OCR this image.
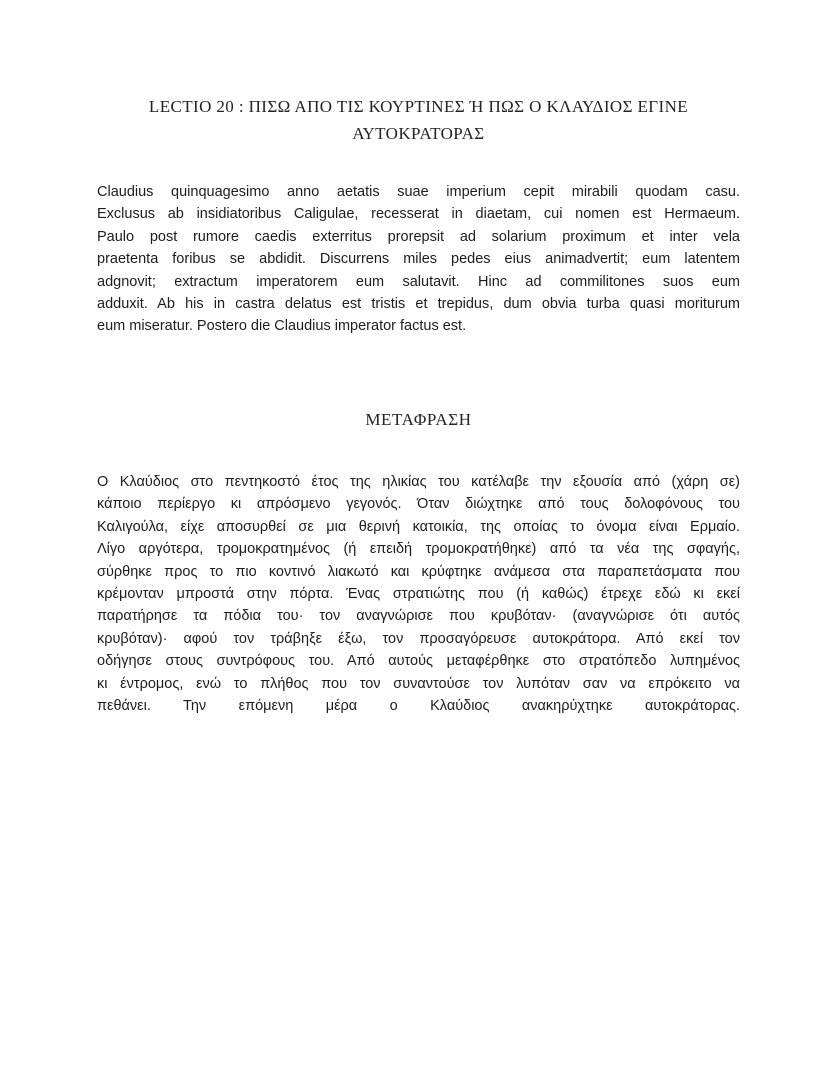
LECTIO 20 : ΠΙΣΩ ΑΠΟ ΤΙΣ ΚΟΥΡΤΙΝΕΣ Ή ΠΩΣ Ο ΚΛΑΥΔΙΟΣ ΕΓΙΝΕ
ΑΥΤΟΚΡΑΤΟΡΑΣ
Claudius quinquagesimo anno aetatis suae imperium cepit mirabili quodam casu.
Exclusus ab insidiatoribus Caligulae, recesserat in diaetam, cui nomen est Hermaeum.
Paulo post rumore caedis exterritus prorepsit ad solarium proximum et inter vela
praetenta foribus se abdidit. Discurrens miles pedes eius animadvertit; eum latentem
adgnovit; extractum imperatorem eum salutavit. Hinc ad commilitones suos eum
adduxit. Ab his in castra delatus est tristis et trepidus, dum obvia turba quasi moriturum
eum miseratur. Postero die Claudius imperator factus est.
ΜΕΤΑΦΡΑΣΗ
Ο Κλαύδιος στο πεντηκοστό έτος της ηλικίας του κατέλαβε την εξουσία από (χάρη σε)
κάποιο περίεργο κι απρόσμενο γεγονός. Όταν διώχτηκε από τους δολοφόνους του
Καλιγούλα, είχε αποσυρθεί σε μια θερινή κατοικία, της οποίας το όνομα είναι Ερμαίο.
Λίγο αργότερα, τρομοκρατημένος (ή επειδή τρομοκρατήθηκε) από τα νέα της σφαγής,
σύρθηκε προς το πιο κοντινό λιακωτό και κρύφτηκε ανάμεσα στα παραπετάσματα που
κρέμονταν μπροστά στην πόρτα. Ένας στρατιώτης που (ή καθώς) έτρεχε εδώ κι εκεί
παρατήρησε τα πόδια του· τον αναγνώρισε που κρυβόταν· (αναγνώρισε ότι αυτός
κρυβόταν)· αφού τον τράβηξε έξω, τον προσαγόρευσε αυτοκράτορα. Από εκεί τον
οδήγησε στους συντρόφους του. Από αυτούς μεταφέρθηκε στο στρατόπεδο λυπημένος
κι έντρομος, ενώ το πλήθος που τον συναντούσε τον λυπόταν σαν να επρόκειτο να
πεθάνει. Την επόμενη μέρα ο Κλαύδιος ανακηρύχτηκε αυτοκράτορας.
